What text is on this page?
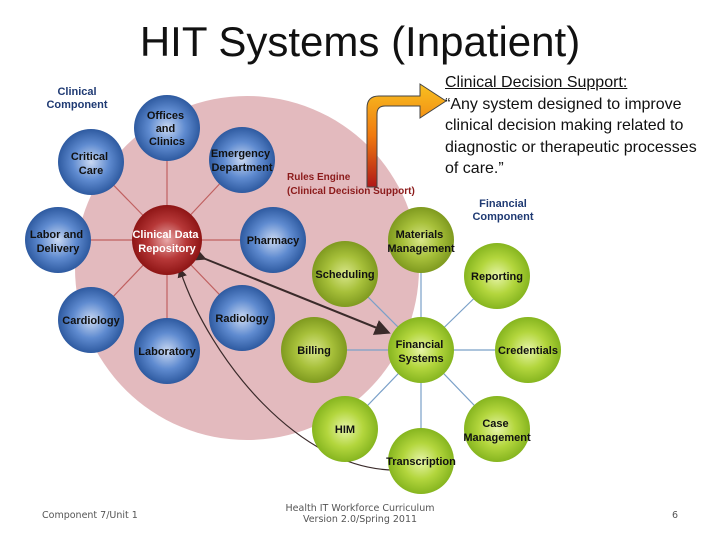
HIT Systems (Inpatient)
Clinical Decision Support:
“Any system designed to improve clinical decision making related to diagnostic or therapeutic processes of care.”
Clinical
Component
Financial
Component
Rules Engine
(Clinical Decision Support)
Offices and Clinics
Critical Care
Emergency Department
Labor and Delivery
Clinical Data Repository
Pharmacy
Cardiology	Radiology
Laboratory
Materials Management
Scheduling	Reporting
Billing	Financial Systems
Credentials
HIM	Case Management
Transcription
Component 7/Unit 1
Health IT Workforce Curriculum
Version 2.0/Spring 2011	6
